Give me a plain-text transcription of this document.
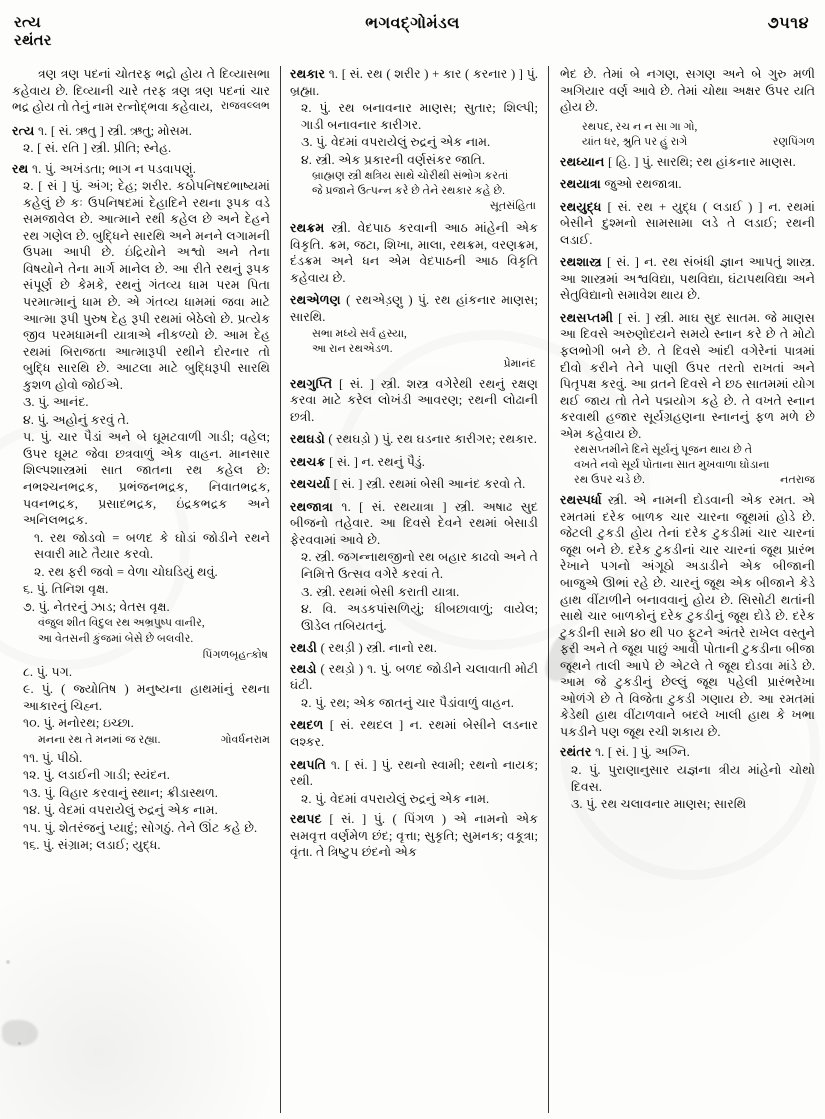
રત્ય
રથંતર
ભગવદ્ગોમંડલ	૭૫૧૪
ત્રણ ત્રણ પદનાં ચોતરફ ભદ્રો હોય તે દિવ્યાસભા કહેવાય છે. દિવ્યાની ચારે તરફ ત્રણ ત્રણ પદનાં ચાર ભદ્ર હોય તો તેનું નામ રત્નોદ્ભવા કહેવાય, રાજવલ્લભ

રત્ય ૧. [ સં. ઋતુ ] સ્ત્રી. ઋતુ; મોસમ.

૨. [ સં. રતિ ] સ્ત્રી. પ્રીતિ; સ્નેહ.

રથ ૧. પું. અખંડતા; ભાગ ન પડવાપણું.

૨. [ સં ] પું. અંગ; દેહ; શરીર. કઠોપનિષદભાષ્યમાં કહેલું છે કઃ ઉપનિષદમાં દેહાદિને રથના રૂપક વડે સમજાવેલ છે. આત્માને રથી કહેલ છે અને દેહને રથ ગણેલ છે. બુદ્ધિને સારથિ અને મનને લગામની ઉપમા આપી છે. ઇંદ્રિયોને અશ્વો અને તેના વિષયોને તેના માર્ગ માનેલ છે. આ રીતે રથનું રૂપક સંપૂર્ણ છે કેમકે, રથનું ગંતવ્ય ધામ પરમ પિતા પરમાત્માનું ધામ છે. એ ગંતવ્ય ધામમાં જવા માટે આત્મા રૂપી પુરુષ દેહ રૂપી રથમાં બેઠેલો છે. પ્રત્યેક જીવ પરમધામની યાત્રાએ નીકળ્યો છે. આમ દેહ રથમાં બિરાજતા આત્મારૂપી રથીને દોરનાર તો બુદ્ધિ સારથિ છે. આટલા માટે બુદ્ધિરૂપી સારથિ કુશળ હોવો જોઈએ.

૩. પું. આનંદ.

૪. પું. અહોનું કરવું તે.

૫. પું. ચાર પૈડાં અને બે ઘૂમટવાળી ગાડી; વહેલ; ઉપર ઘૂમટ જેવા છત્રવાળું એક વાહન. માનસાર શિલ્પશાસ્ત્રમાં સાત જાતના રથ કહેલ છે: નભશ્ચનભદ્રક, પ્રભંજનભદ્રક, નિવાતભદ્રક, પવનભદ્રક, પ્રસાદભદ્રક, ઇંદ્રકભદ્રક અને અનિલભદ્રક.

૧. રથ જોડવો = બળદ કે ઘોડાં જોડીને રથને સવારી માટે તૈયાર કરવો.

૨. રથ ફરી જવો = વેળા ચોઘડિયું થવું.

૬. પું. તિનિશ વૃક્ષ.

૭. પું. નેતરનું ઝાડ; વેતસ વૃક્ષ.

વંજુલ શીત વિદુલ રથ અભ્રપુષ્પ વાનીર,
આ વેતસની કુંજમાં બેસે છે બલવીર.
પિંગળબૃહત્કોષ

૮. પું. પગ.

૯. પું. ( જ્યોતિષ ) મનુષ્યના હાથમાંનું રથના આકારનું ચિહ્ન.

૧૦. પું. મનોરથ; ઇચ્છા.

ગોવર્ધનરામ
મનના રથ તે મનમાં જ રહ્યા.

૧૧. પું. પીઠો.

૧૨. પું. લડાઈની ગાડી; સ્યંદન.

૧૩. પું. વિહાર કરવાનું સ્થાન; ક્રીડાસ્થળ.

૧૪. પું. વેદમાં વપરાયેલું રુદ્રનું એક નામ.

૧૫. પું. શેતરંજનું પ્યાદું; સોગઠું. તેને ઊંટ કહે છે.

૧૬. પું. સંગ્રામ; લડાઈ; યુદ્ધ.

રથકાર ૧. [ સં. રથ ( શરીર ) + કાર ( કરનાર ) ] પું. બ્રહ્મા.

૨. પું. રથ બનાવનાર માણસ; સુતાર; શિલ્પી; ગાડી બનાવનાર કારીગર.

૩. પું. વેદમાં વપરાયેલું રુદ્રનું એક નામ.

૪. સ્ત્રી. એક પ્રકારની વર્ણસંકર જાતિ.

બ્રાહ્મણ સ્ત્રી ક્ષત્રિય સાથે ચોરીથી સંભોગ કરતાં
જે પ્રજાને ઉત્પન્ન કરે છે તેને રથકાર કહે છે.
સૂતસંહિતા

રથક્રમ સ્ત્રી. વેદપાઠ કરવાની આઠ માંહેની એક વિકૃતિ. ક્રમ, જટા, શિખા, માલા, રથક્રમ, વરણક્રમ, દંડક્રમ અને ધન એમ વેદપાઠની આઠ વિકૃતિ કહેવાય છે.

રથએળણ ( રથએડ઼ણુ ) પું. રથ હાંકનાર માણસ; સારથિ.

સભા મધ્યે સર્વ હસ્યા,
આ રાન રથએડળ.
પ્રેમાનંદ

રથગુપ્તિ [ સં. ] સ્ત્રી. શસ્ત્ર વગેરેથી રથનું રક્ષણ કરવા માટે કરેલ લોખંડી આવરણ; રથની લોઢાની છત્રી.

રથઘડો ( રથઘડ઼ો ) પું. રથ ઘડનાર કારીગર; રથકાર.

રથચક્ર [ સં. ] ન. રથનું પૈડું.

રથચર્યા [ સં. ] સ્ત્રી. રથમાં બેસી આનંદ કરવો તે.

રથજાત્રા ૧. [ સં. રથયાત્રા ] સ્ત્રી. અષાઢ સુદ બીજનો તહેવાર. આ દિવસે દેવને રથમાં બેસાડી ફેરવવામાં આવે છે.

૨. સ્ત્રી. જગન્નાથજીનો રથ બહાર કાઢવો અને તે નિમિત્તે ઉત્સવ વગેરે કરવાં તે.

૩. સ્ત્રી. રથમાં બેસી કરાતી યાત્રા.

૪. વિ. અડકપાંસળિયું; ધીબછાવાળું; વાયેલ; ઊડેલ તબિયતનું.

રથડી ( રથડ઼ી ) સ્ત્રી. નાનો રથ.

રથડો ( રથડ઼ો ) ૧. પું. બળદ જોડીને ચલાવાતી મોટી ઘંટી.

૨. પું. રથ; એક જાતનું ચાર પૈડાંવાળું વાહન.

રથદળ [ સં. રથદલ ] ન. રથમાં બેસીને લડનાર લશ્કર.

રથપતિ ૧. [ સં. ] પું. રથનો સ્વામી; રથનો નાયક; રથી.

૨. પું. વેદમાં વપરાયેલું રુદ્રનું એક નામ.

રથપદ [ સં. ] પું. ( પિંગળ ) એ નામનો એક સમવૃત્ત વર્ણમેળ છંદ; વૃત્તા; સુકૃતિ; સુમનક; વકૂત્રા; વૃંતા. તે ત્રિષ્ટુપ છંદનો એક

ભેદ છે. તેમાં બે નગણ, સગણ અને બે ગુરુ મળી અગિયાર વર્ણ આવે છે. તેમાં ચોથા અક્ષર ઉપર યતિ હોય છે.
રથપદ, રચ ન ન સા ગા ગો,
રણપિંગળ
યાંત ધર, શ્રુતિ પર હું રાગે

રથધ્યાન [ હિ. ] પું. સારથિ; રથ હાંકનાર માણસ.

રથયાત્રા જુઓ રથજાત્રા.

રથયુદ્ધ [ સં. રથ + યુદ્ધ ( લડાઈ ) ] ન. રથમાં બેસીને દુશ્મનો સામસામા લડે તે લડાઈ; રથની લડાઈ.

રથશાસ્ત્ર [ સં. ] ન. રથ સંબંધી જ્ઞાન આપતું શાસ્ત્ર. આ શાસ્ત્રમાં અશ્વવિદ્યા, પથવિદ્યા, ઘંટાપથવિદ્યા અને સેતુવિદ્યાનો સમાવેશ થાય છે.

રથસપ્તમી [ સં. ] સ્ત્રી. માઘ સુદ સાતમ. જે માણસ આ દિવસે અરુણોદયને સમયે સ્નાન કરે છે તે મોટો ફલભોગી બને છે. તે દિવસે આંદી વગેરેનાં પાત્રમાં દીવો કરીને તેને પાણી ઉપર તરતો રાખતાં અને પિતૃપક્ષ કરવું. આ વ્રતને દિવસે ને છઠ સાતમમાં યોગ થઈ જાય તો તેને પદ્મયોગ કહે છે. તે વખતે સ્નાન કરવાથી હજાર સૂર્યગ્રહણના સ્નાનનું ફળ મળે છે એમ કહેવાય છે.

રથસપ્તમીને દિને સૂર્યનું પૂજન થાય છે તે
વખતે નવો સૂર્ય પોતાના સાત મુખવાળા ઘોડાના
નતરાજ
રથ ઉપર ચડે છે.

રથસ્પર્ધા સ્ત્રી. એ નામની દોડવાની એક રમત. એ રમતમાં દરેક બાળક ચાર ચારના જૂથમાં હોડે છે. જેટલી ટુકડી હોય તેનાં દરેક ટુકડીમાં ચાર ચારનાં જૂથ બને છે. દરેક ટુકડીનાં ચાર ચારનાં જૂથ પ્રારંભ રેખાને પગનો અંગૂઠો અડાડીને એક બીજાની બાજુએ ઊભાં રહે છે. ચારનું જૂથ એક બીજાને કેડે હાથ વીંટાળીને બનાવવાનું હોય છે. સિસોટી થતાંની સાથે ચાર બાળકોનું દરેક ટુકડીનું જૂથ દોડે છે. દરેક ટુકડીની સામે ૪૦ થી ૫૦ ફૂટને અંતરે રાખેલ વસ્તુને ફરી અને તે જૂથ પાછું આવી પોતાની ટુકડીના બીજા જૂથને તાલી આપે છે એટલે તે જૂથ દોડવા માંડે છે. આમ જે ટુકડીનું છેલ્લું જૂથ પહેલી પ્રારંભરેખા ઓળંગે છે તે વિજેતા ટુકડી ગણાય છે. આ રમતમાં કેડેથી હાથ વીંટાળવાને બદલે ખાલી હાથ કે ખભા પકડીને પણ જૂથ રચી શકાય છે.

રથંતર ૧. [ સં. ] પું. અગ્નિ.

૨. પું. પુરાણાનુસાર યજ્ઞના ત્રીય માંહેનો ચોથો દિવસ.

૩. પું. રથ ચલાવનાર માણસ; સારથિ
